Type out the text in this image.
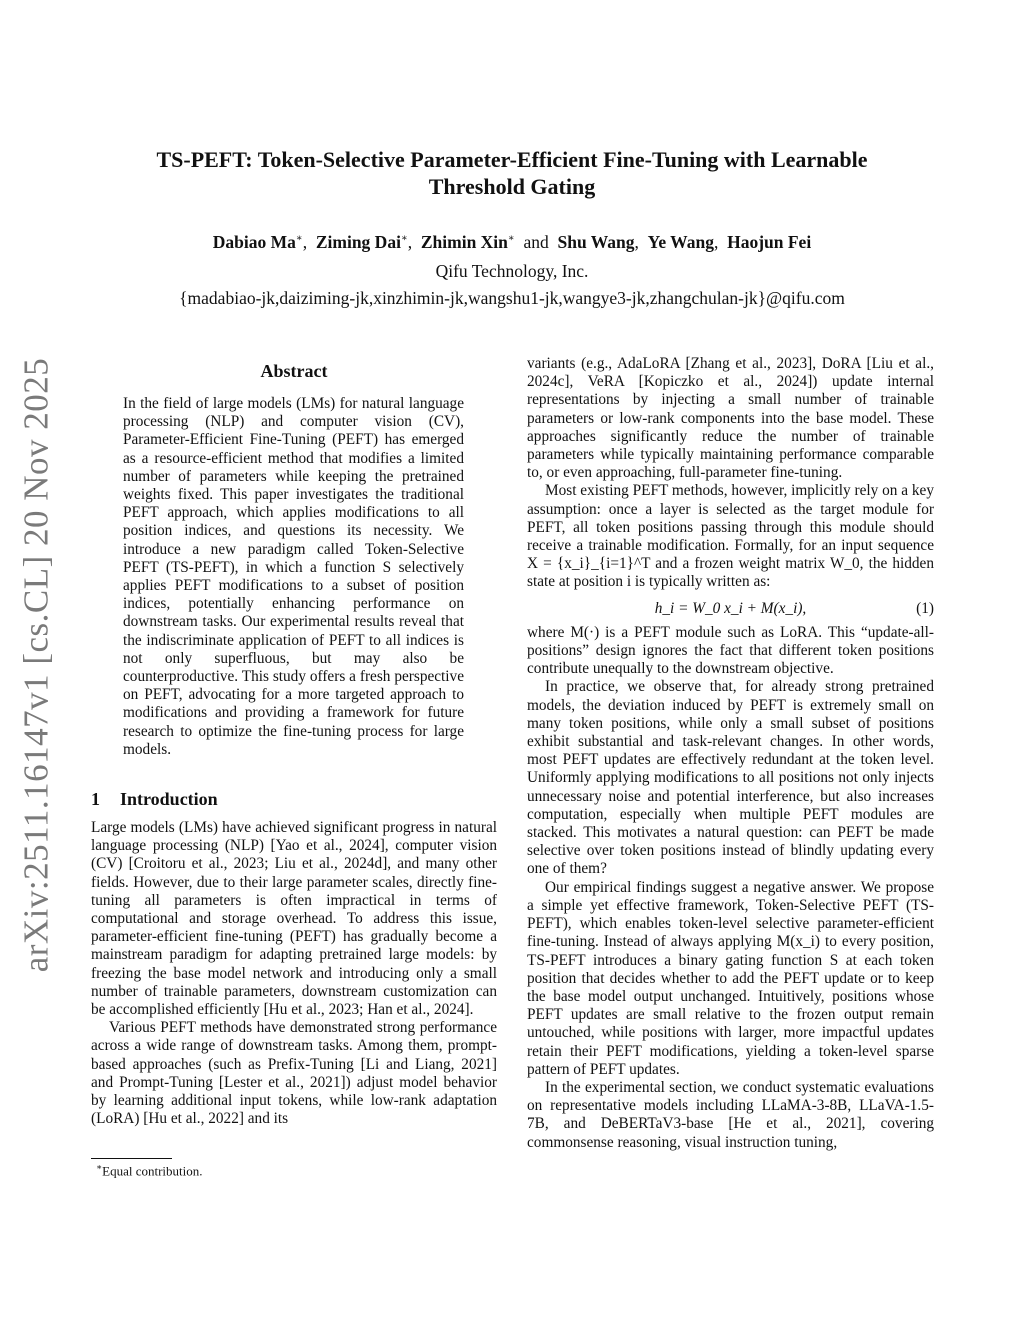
arXiv:2511.16147v1 [cs.CL] 20 Nov 2025
TS-PEFT: Token-Selective Parameter-Efficient Fine-Tuning with Learnable
Threshold Gating
Dabiao Ma∗,  Ziming Dai∗,  Zhimin Xin∗ and Shu Wang,  Ye Wang,  Haojun Fei
Qifu Technology, Inc.
{madabiao-jk,daiziming-jk,xinzhimin-jk,wangshu1-jk,wangye3-jk,zhangchulan-jk}@qifu.com
Abstract

In the field of large models (LMs) for natural language processing (NLP) and computer vision (CV), Parameter-Efficient Fine-Tuning (PEFT) has emerged as a resource-efficient method that modifies a limited number of parameters while keeping the pretrained weights fixed. This paper investigates the traditional PEFT approach, which applies modifications to all position indices, and questions its necessity. We introduce a new paradigm called Token-Selective PEFT (TS-PEFT), in which a function S selectively applies PEFT modifications to a subset of position indices, potentially enhancing performance on downstream tasks. Our experimental results reveal that the indiscriminate application of PEFT to all indices is not only superfluous, but may also be counterproductive. This study offers a fresh perspective on PEFT, advocating for a more targeted approach to modifications and providing a framework for future research to optimize the fine-tuning process for large models.

1 Introduction

Large models (LMs) have achieved significant progress in natural language processing (NLP) [Yao et al., 2024], computer vision (CV) [Croitoru et al., 2023; Liu et al., 2024d], and many other fields. However, due to their large parameter scales, directly fine-tuning all parameters is often impractical in terms of computational and storage overhead. To address this issue, parameter-efficient fine-tuning (PEFT) has gradually become a mainstream paradigm for adapting pretrained large models: by freezing the base model network and introducing only a small number of trainable parameters, downstream customization can be accomplished efficiently [Hu et al., 2023; Han et al., 2024].

Various PEFT methods have demonstrated strong performance across a wide range of downstream tasks. Among them, prompt-based approaches (such as Prefix-Tuning [Li and Liang, 2021] and Prompt-Tuning [Lester et al., 2021]) adjust model behavior by learning additional input tokens, while low-rank adaptation (LoRA) [Hu et al., 2022] and its

∗Equal contribution.

variants (e.g., AdaLoRA [Zhang et al., 2023], DoRA [Liu et al., 2024c], VeRA [Kopiczko et al., 2024]) update internal representations by injecting a small number of trainable parameters or low-rank components into the base model. These approaches significantly reduce the number of trainable parameters while typically maintaining performance comparable to, or even approaching, full-parameter fine-tuning.

Most existing PEFT methods, however, implicitly rely on a key assumption: once a layer is selected as the target module for PEFT, all token positions passing through this module should receive a trainable modification. Formally, for an input sequence X = {x_i}_{i=1}^T and a frozen weight matrix W_0, the hidden state at position i is typically written as:

h_i = W_0 x_i + M(x_i),	(1)

where M(·) is a PEFT module such as LoRA. This “update-all-positions” design ignores the fact that different token positions contribute unequally to the downstream objective.

In practice, we observe that, for already strong pretrained models, the deviation induced by PEFT is extremely small on many token positions, while only a small subset of positions exhibit substantial and task-relevant changes. In other words, most PEFT updates are effectively redundant at the token level. Uniformly applying modifications to all positions not only injects unnecessary noise and potential interference, but also increases computation, especially when multiple PEFT modules are stacked. This motivates a natural question: can PEFT be made selective over token positions instead of blindly updating every one of them?

Our empirical findings suggest a negative answer. We propose a simple yet effective framework, Token-Selective PEFT (TS-PEFT), which enables token-level selective parameter-efficient fine-tuning. Instead of always applying M(x_i) to every position, TS-PEFT introduces a binary gating function S at each token position that decides whether to add the PEFT update or to keep the base model output unchanged. Intuitively, positions whose PEFT updates are small relative to the frozen output remain untouched, while positions with larger, more impactful updates retain their PEFT modifications, yielding a token-level sparse pattern of PEFT updates.

In the experimental section, we conduct systematic evaluations on representative models including LLaMA-3-8B, LLaVA-1.5-7B, and DeBERTaV3-base [He et al., 2021], covering commonsense reasoning, visual instruction tuning,
